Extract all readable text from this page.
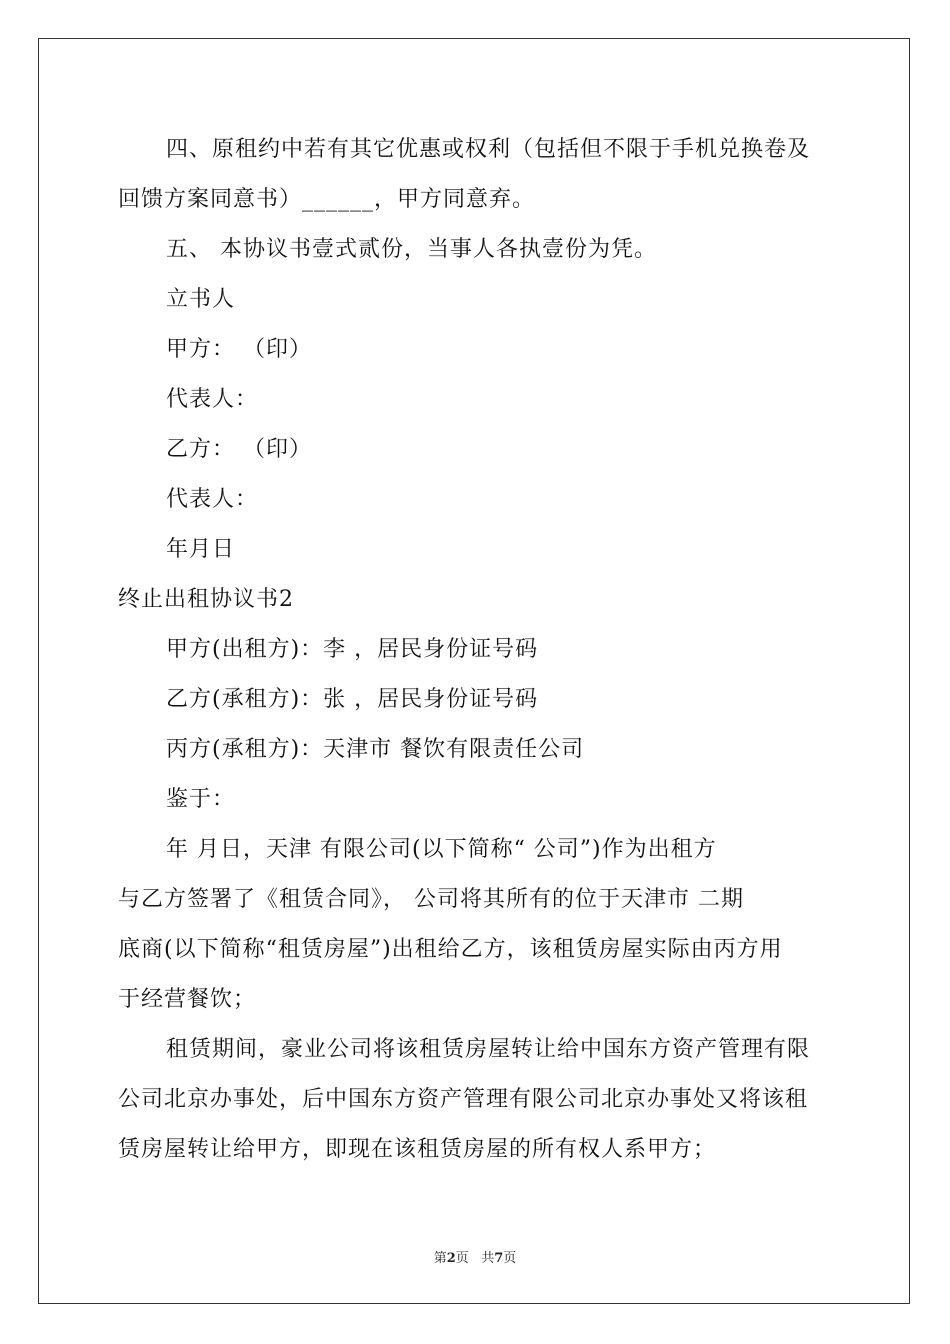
四、原租约中若有其它优惠或权利（包括但不限于手机兑换卷及
回馈方案同意书）______，甲方同意弃。
五、 本协议书壹式贰份，当事人各执壹份为凭。
立书人
甲方： （印）
代表人：
乙方： （印）
代表人：
年月日
终止出租协议书2
甲方(出租方)：李 ，居民身份证号码
乙方(承租方)：张 ，居民身份证号码
丙方(承租方)：天津市 餐饮有限责任公司
鉴于：
年 月日，天津 有限公司(以下简称“ 公司”)作为出租方
与乙方签署了《租赁合同》， 公司将其所有的位于天津市 二期
底商(以下简称“租赁房屋”)出租给乙方，该租赁房屋实际由丙方用
于经营餐饮；
租赁期间，豪业公司将该租赁房屋转让给中国东方资产管理有限
公司北京办事处，后中国东方资产管理有限公司北京办事处又将该租
赁房屋转让给甲方，即现在该租赁房屋的所有权人系甲方；
第2页 共7页
